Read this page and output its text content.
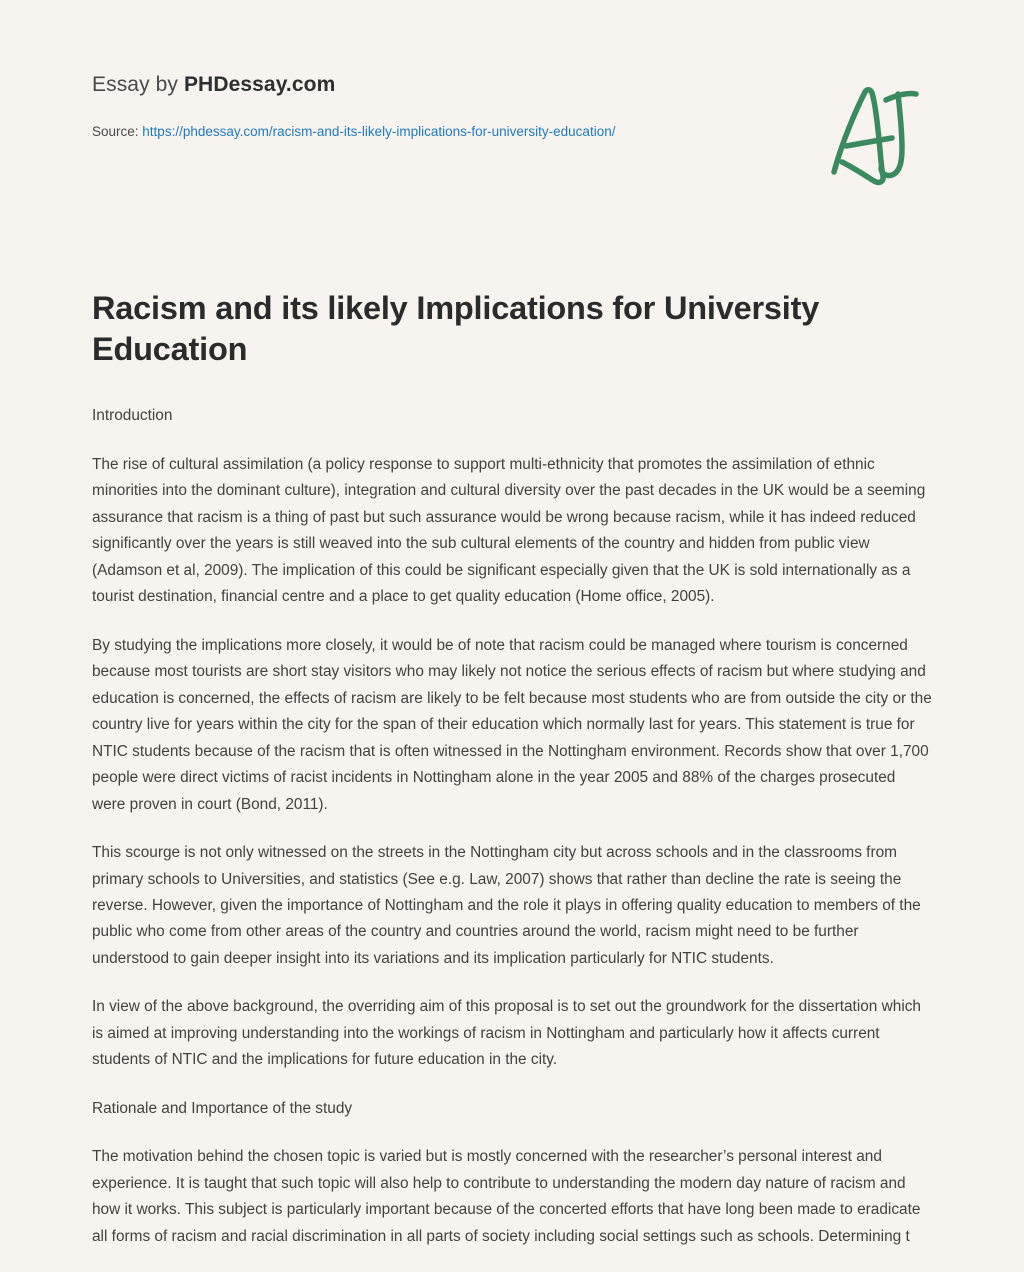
Essay by PHDessay.com
Source: https://phdessay.com/racism-and-its-likely-implications-for-university-education/
Racism and its likely Implications for University Education

Introduction

The rise of cultural assimilation (a policy response to support multi-ethnicity that promotes the assimilation of ethnic minorities into the dominant culture), integration and cultural diversity over the past decades in the UK would be a seeming assurance that racism is a thing of past but such assurance would be wrong because racism, while it has indeed reduced significantly over the years is still weaved into the sub cultural elements of the country and hidden from public view (Adamson et al, 2009). The implication of this could be significant especially given that the UK is sold internationally as a tourist destination, financial centre and a place to get quality education (Home office, 2005).

By studying the implications more closely, it would be of note that racism could be managed where tourism is concerned because most tourists are short stay visitors who may likely not notice the serious effects of racism but where studying and education is concerned, the effects of racism are likely to be felt because most students who are from outside the city or the country live for years within the city for the span of their education which normally last for years. This statement is true for NTIC students because of the racism that is often witnessed in the Nottingham environment. Records show that over 1,700 people were direct victims of racist incidents in Nottingham alone in the year 2005 and 88% of the charges prosecuted were proven in court (Bond, 2011).

This scourge is not only witnessed on the streets in the Nottingham city but across schools and in the classrooms from primary schools to Universities, and statistics (See e.g. Law, 2007) shows that rather than decline the rate is seeing the reverse. However, given the importance of Nottingham and the role it plays in offering quality education to members of the public who come from other areas of the country and countries around the world, racism might need to be further understood to gain deeper insight into its variations and its implication particularly for NTIC students.

In view of the above background, the overriding aim of this proposal is to set out the groundwork for the dissertation which is aimed at improving understanding into the workings of racism in Nottingham and particularly how it affects current students of NTIC and the implications for future education in the city.

Rationale and Importance of the study

The motivation behind the chosen topic is varied but is mostly concerned with the researcher’s personal interest and experience. It is taught that such topic will also help to contribute to understanding the modern day nature of racism and how it works. This subject is particularly important because of the concerted efforts that have long been made to eradicate all forms of racism and racial discrimination in all parts of society including social settings such as schools. Determining t
